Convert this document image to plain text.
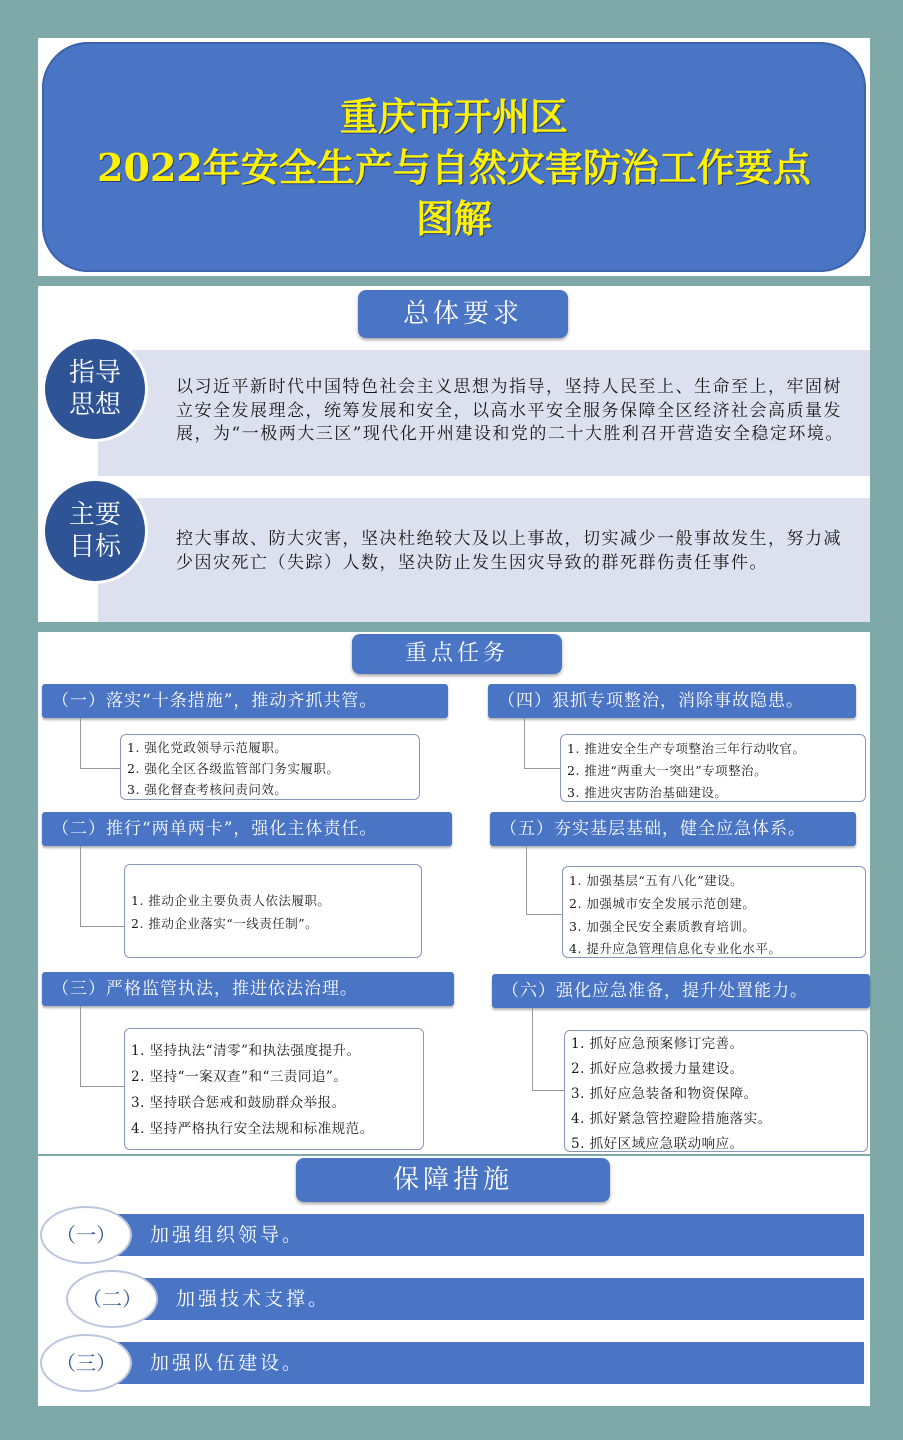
重庆市开州区
2022年安全生产与自然灾害防治工作要点
图解
总体要求
指导
思想
以习近平新时代中国特色社会主义思想为指导，坚持人民至上、生命至上，牢固树立安全发展理念，统筹发展和安全，以高水平安全服务保障全区经济社会高质量发展，为“一极两大三区”现代化开州建设和党的二十大胜利召开营造安全稳定环境。
主要
目标	控大事故、防大灾害，坚决杜绝较大及以上事故，切实减少一般事故发生，努力减少因灾死亡（失踪）人数，坚决防止发生因灾导致的群死群伤责任事件。
重点任务
（一）落实“十条措施”，推动齐抓共管。
1. 强化党政领导示范履职。
2. 强化全区各级监管部门务实履职。
3. 强化督查考核问责问效。
（四）狠抓专项整治，消除事故隐患。
1. 推进安全生产专项整治三年行动收官。
2. 推进“两重大一突出”专项整治。
3. 推进灾害防治基础建设。
（二）推行“两单两卡”，强化主体责任。
1. 推动企业主要负责人依法履职。
2. 推动企业落实“一线责任制”。
（五）夯实基层基础，健全应急体系。
1. 加强基层“五有八化”建设。
2. 加强城市安全发展示范创建。
3. 加强全民安全素质教育培训。
4. 提升应急管理信息化专业化水平。
（三）严格监管执法，推进依法治理。
1. 坚持执法“清零”和执法强度提升。
2. 坚持“一案双查”和“三责同追”。
3. 坚持联合惩戒和鼓励群众举报。
4. 坚持严格执行安全法规和标准规范。
（六）强化应急准备，提升处置能力。
1. 抓好应急预案修订完善。
2. 抓好应急救援力量建设。
3. 抓好应急装备和物资保障。
4. 抓好紧急管控避险措施落实。
5. 抓好区域应急联动响应。
保障措施
加强组织领导。
（一）
加强技术支撑。
（二）
加强队伍建设。
（三）
